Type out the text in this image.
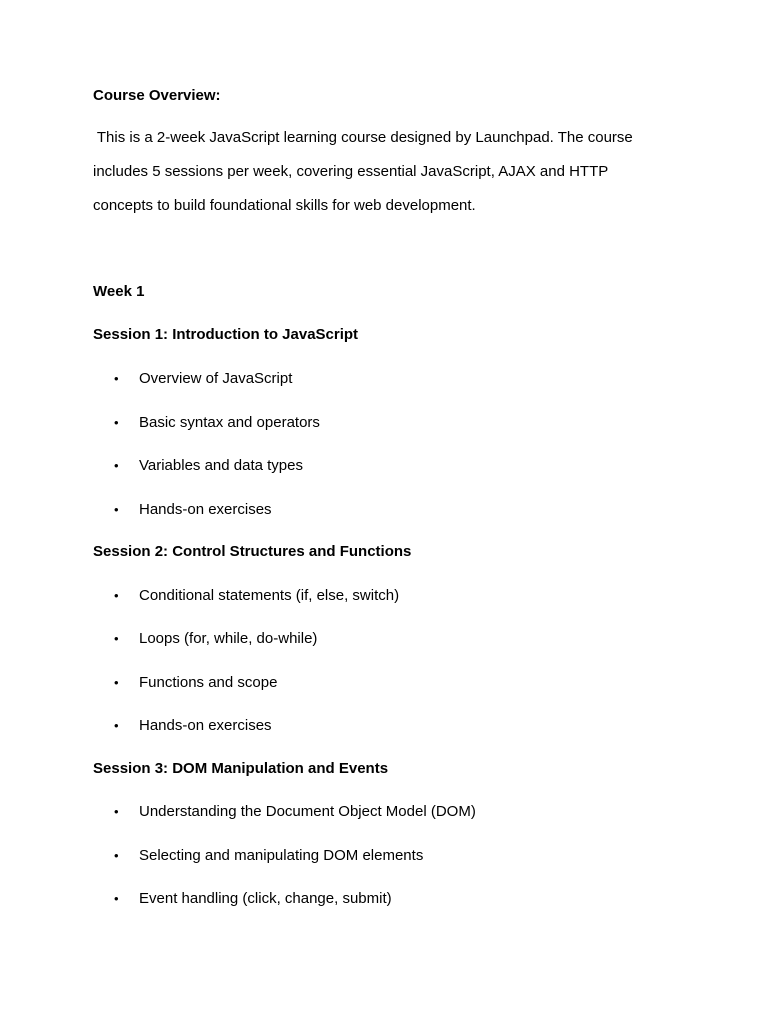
Course Overview:
This is a 2-week JavaScript learning course designed by Launchpad. The course
includes 5 sessions per week, covering essential JavaScript, AJAX and HTTP
concepts to build foundational skills for web development.
Week 1
Session 1: Introduction to JavaScript
• Overview of JavaScript
• Basic syntax and operators
• Variables and data types
• Hands-on exercises
Session 2: Control Structures and Functions
• Conditional statements (if, else, switch)
• Loops (for, while, do-while)
• Functions and scope
• Hands-on exercises
Session 3: DOM Manipulation and Events
• Understanding the Document Object Model (DOM)
• Selecting and manipulating DOM elements
• Event handling (click, change, submit)
